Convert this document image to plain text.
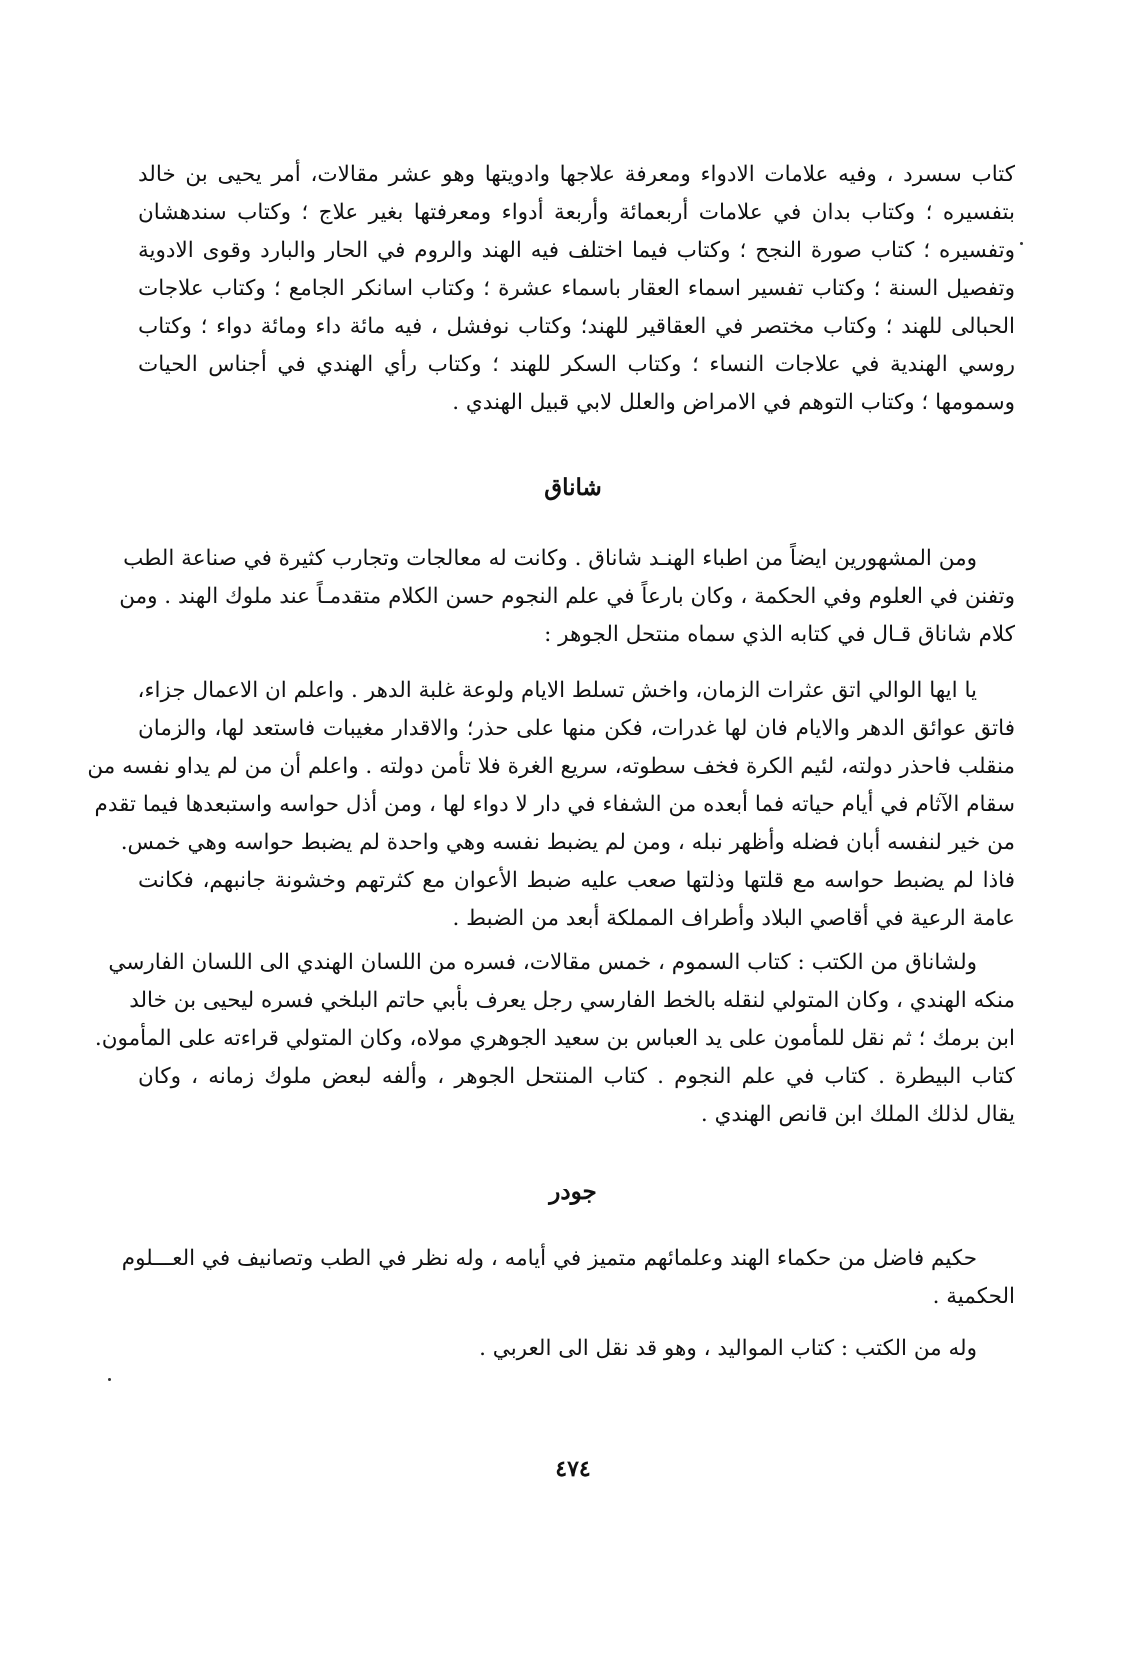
كتاب سسرد ، وفيه علامات الادواء ومعرفة علاجها وادويتها وهو عشر مقالات، أمر يحيى بن خالد
بتفسيره ؛ وكتاب بدان في علامات أربعمائة وأربعة أدواء ومعرفتها بغير علاج ؛ وكتاب سندهشان
وتفسيره ؛ كتاب صورة النجح ؛ وكتاب فيما اختلف فيه الهند والروم في الحار والبارد وقوى الادوية
وتفصيل السنة ؛ وكتاب تفسير اسماء العقار باسماء عشرة ؛ وكتاب اسانكر الجامع ؛ وكتاب علاجات
الحبالى للهند ؛ وكتاب مختصر في العقاقير للهند؛ وكتاب نوفشل ، فيه مائة داء ومائة دواء ؛ وكتاب
روسي الهندية في علاجات النساء ؛ وكتاب السكر للهند ؛ وكتاب رأي الهندي في أجناس الحيات
وسمومها ؛ وكتاب التوهم في الامراض والعلل لابي قبيل الهندي .
شاناق
ومن المشهورين ايضاً من اطباء الهنـد شاناق . وكانت له معالجات وتجارب كثيرة في صناعة الطب
وتفنن في العلوم وفي الحكمة ، وكان بارعاً في علم النجوم حسن الكلام متقدمـاً عند ملوك الهند . ومن
كلام شاناق قـال في كتابه الذي سماه منتحل الجوهر :
يا ايها الوالي اتق عثرات الزمان، واخش تسلط الايام ولوعة غلبة الدهر . واعلم ان الاعمال جزاء،
فاتق عوائق الدهر والايام فان لها غدرات، فكن منها على حذر؛ والاقدار مغيبات فاستعد لها، والزمان
منقلب فاحذر دولته، لئيم الكرة فخف سطوته، سريع الغرة فلا تأمن دولته . واعلم أن من لم يداو نفسه من
سقام الآثام في أيام حياته فما أبعده من الشفاء في دار لا دواء لها ، ومن أذل حواسه واستبعدها فيما تقدم
من خير لنفسه أبان فضله وأظهر نبله ، ومن لم يضبط نفسه وهي واحدة لم يضبط حواسه وهي خمس.
فاذا لم يضبط حواسه مع قلتها وذلتها صعب عليه ضبط الأعوان مع كثرتهم وخشونة جانبهم، فكانت
عامة الرعية في أقاصي البلاد وأطراف المملكة أبعد من الضبط .
ولشاناق من الكتب : كتاب السموم ، خمس مقالات، فسره من اللسان الهندي الى اللسان الفارسي
منكه الهندي ، وكان المتولي لنقله بالخط الفارسي رجل يعرف بأبي حاتم البلخي فسره ليحيى بن خالد
ابن برمك ؛ ثم نقل للمأمون على يد العباس بن سعيد الجوهري مولاه، وكان المتولي قراءته على المأمون.
كتاب البيطرة . كتاب في علم النجوم . كتاب المنتحل الجوهر ، وألفه لبعض ملوك زمانه ، وكان
يقال لذلك الملك ابن قانص الهندي .
جودر
حكيم فاضل من حكماء الهند وعلمائهم متميز في أيامه ، وله نظر في الطب وتصانيف في العـــلوم
الحكمية .
وله من الكتب : كتاب المواليد ، وهو قد نقل الى العربي .
٤٧٤
